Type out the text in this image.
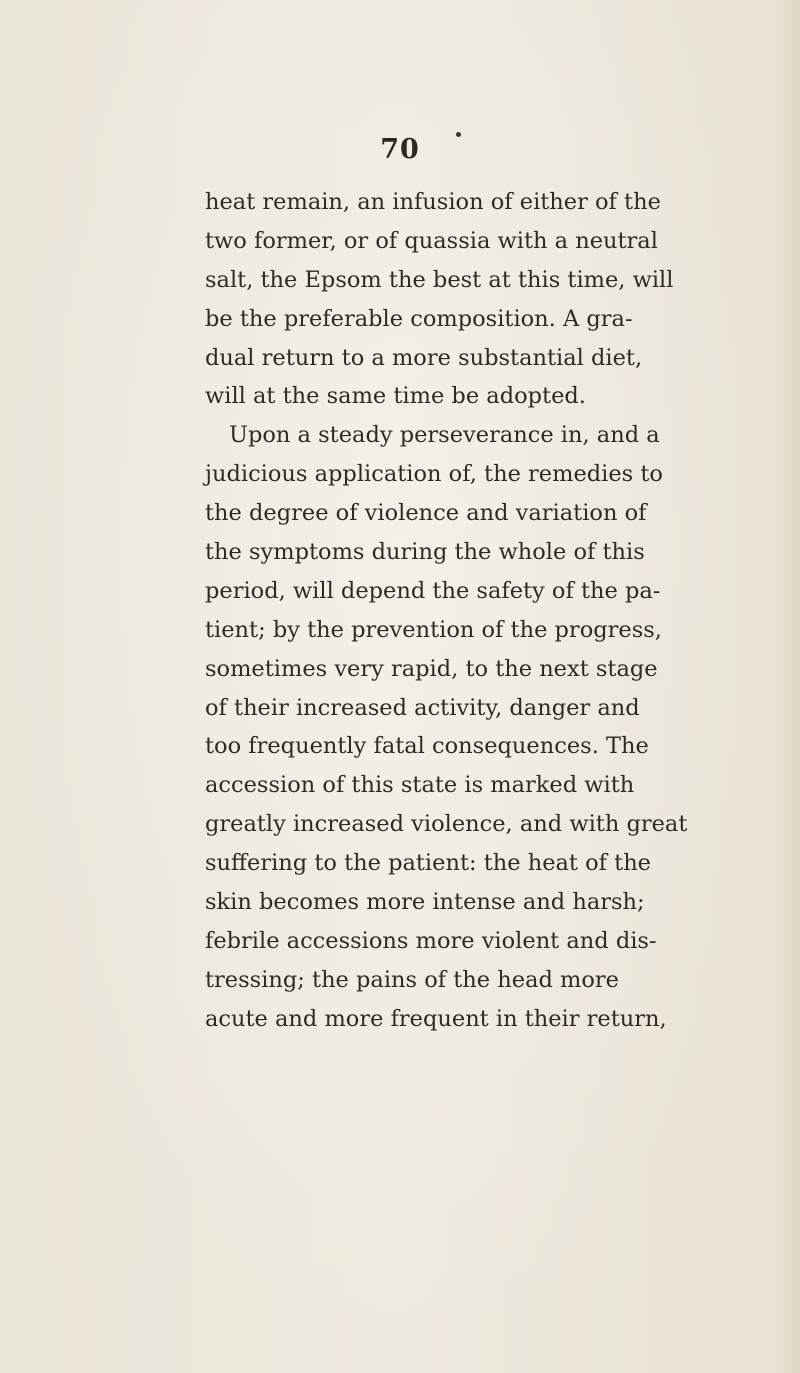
70
heat remain, an infusion of either of the
two former, or of quassia with a neutral
salt, the Epsom the best at this time, will
be the preferable composition. A gra-
dual return to a more substantial diet,
will at the same time be adopted.
Upon a steady perseverance in, and a
judicious application of, the remedies to
the degree of violence and variation of
the symptoms during the whole of this
period, will depend the safety of the pa-
tient; by the prevention of the progress,
sometimes very rapid, to the next stage
of their increased activity, danger and
too frequently fatal consequences. The
accession of this state is marked with
greatly increased violence, and with great
suffering to the patient: the heat of the
skin becomes more intense and harsh;
febrile accessions more violent and dis-
tressing; the pains of the head more
acute and more frequent in their return,
